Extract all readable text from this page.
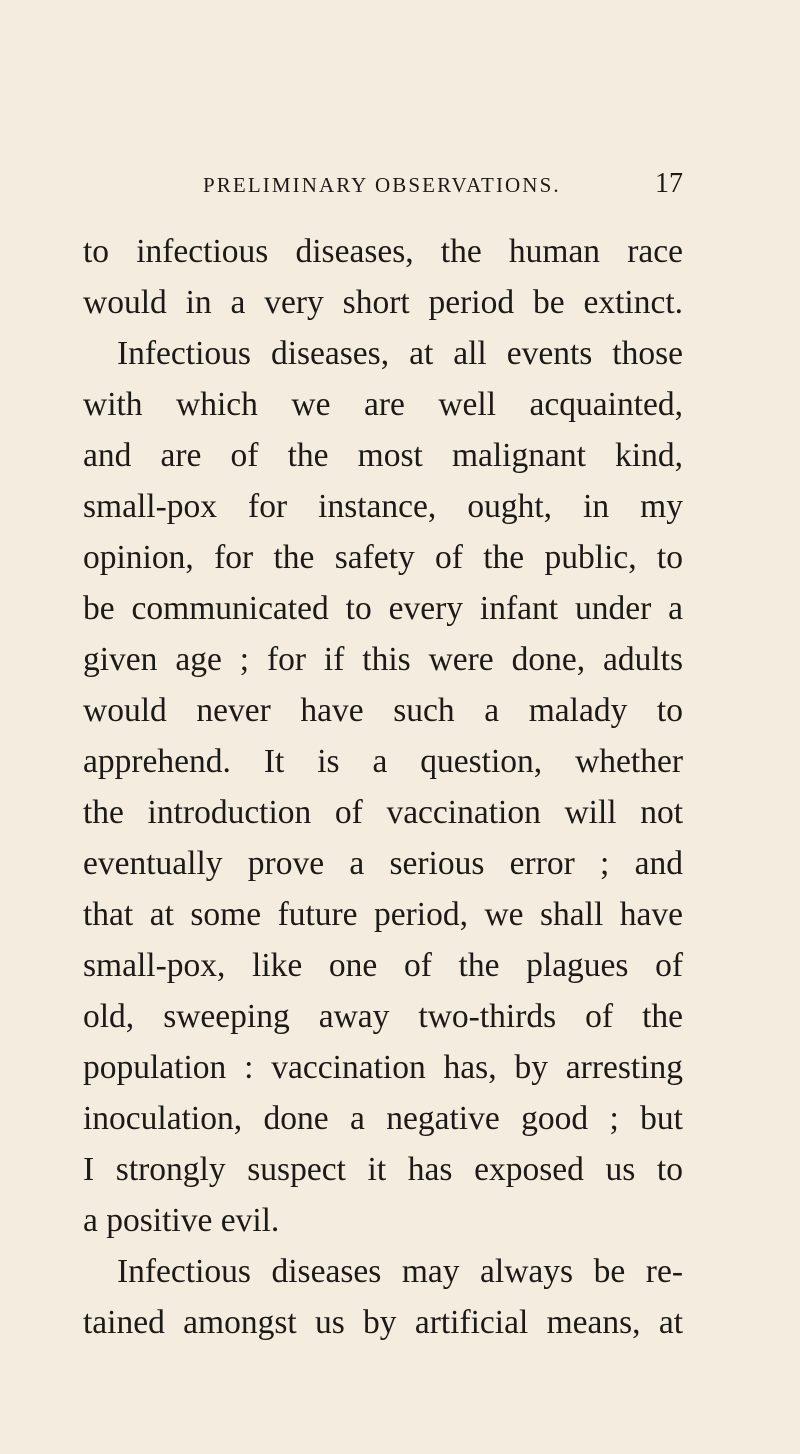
PRELIMINARY OBSERVATIONS.	17
to infectious diseases, the human race
would in a very short period be extinct.
Infectious diseases, at all events those
with which we are well acquainted,
and are of the most malignant kind,
small-pox for instance, ought, in my
opinion, for the safety of the public, to
be communicated to every infant under a
given age ; for if this were done, adults
would never have such a malady to
apprehend. It is a question, whether
the introduction of vaccination will not
eventually prove a serious error ; and
that at some future period, we shall have
small-pox, like one of the plagues of
old, sweeping away two-thirds of the
population : vaccination has, by arresting
inoculation, done a negative good ; but
I strongly suspect it has exposed us to
a positive evil.
Infectious diseases may always be re-
tained amongst us by artificial means, at
